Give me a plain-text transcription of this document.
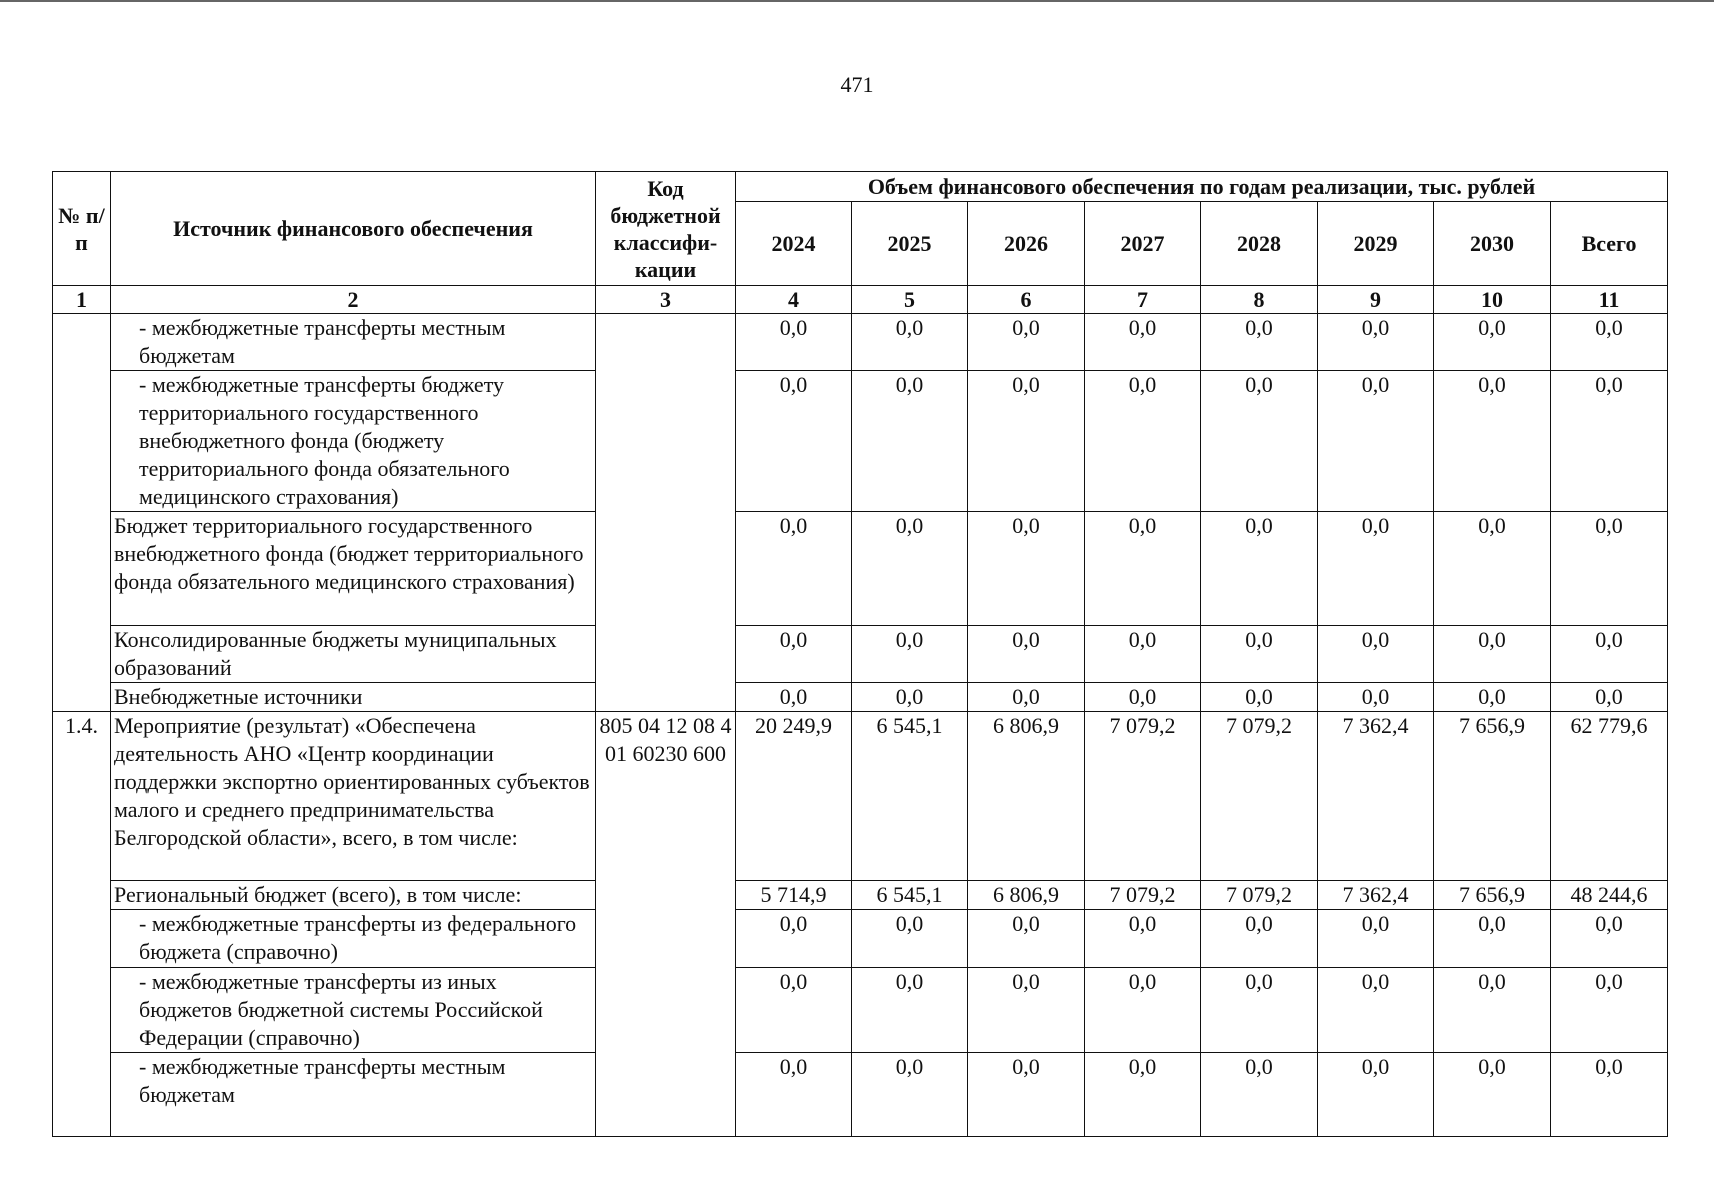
471
№ п/п	Источник финансового обеспечения	Код бюджетной классифи-кации	Объем финансового обеспечения по годам реализации, тыс. рублей							
			2024	2025	2026	2027	2028	2029	2030	Всего
1	2	3	4	5	6	7	8	9	10	11
	- межбюджетные трансферты местным бюджетам		0,0	0,0	0,0	0,0	0,0	0,0	0,0	0,0
	- межбюджетные трансферты бюджету территориального государственного внебюджетного фонда (бюджету территориального фонда обязательного медицинского страхования)		0,0	0,0	0,0	0,0	0,0	0,0	0,0	0,0
	Бюджет территориального государственного внебюджетного фонда (бюджет территориального фонда обязательного медицинского страхования)		0,0	0,0	0,0	0,0	0,0	0,0	0,0	0,0
	Консолидированные бюджеты муниципальных образований		0,0	0,0	0,0	0,0	0,0	0,0	0,0	0,0
	Внебюджетные источники		0,0	0,0	0,0	0,0	0,0	0,0	0,0	0,0
1.4.	Мероприятие (результат) «Обеспечена деятельность АНО «Центр координации поддержки экспортно ориентированных субъектов малого и среднего предпринимательства Белгородской области», всего, в том числе:	805 04 12 08 4 01 60230 600	20 249,9	6 545,1	6 806,9	7 079,2	7 079,2	7 362,4	7 656,9	62 779,6
	Региональный бюджет (всего), в том числе:		5 714,9	6 545,1	6 806,9	7 079,2	7 079,2	7 362,4	7 656,9	48 244,6
	- межбюджетные трансферты из федерального бюджета (справочно)		0,0	0,0	0,0	0,0	0,0	0,0	0,0	0,0
	- межбюджетные трансферты из иных бюджетов бюджетной системы Российской Федерации (справочно)		0,0	0,0	0,0	0,0	0,0	0,0	0,0	0,0
	- межбюджетные трансферты местным бюджетам		0,0	0,0	0,0	0,0	0,0	0,0	0,0	0,0
